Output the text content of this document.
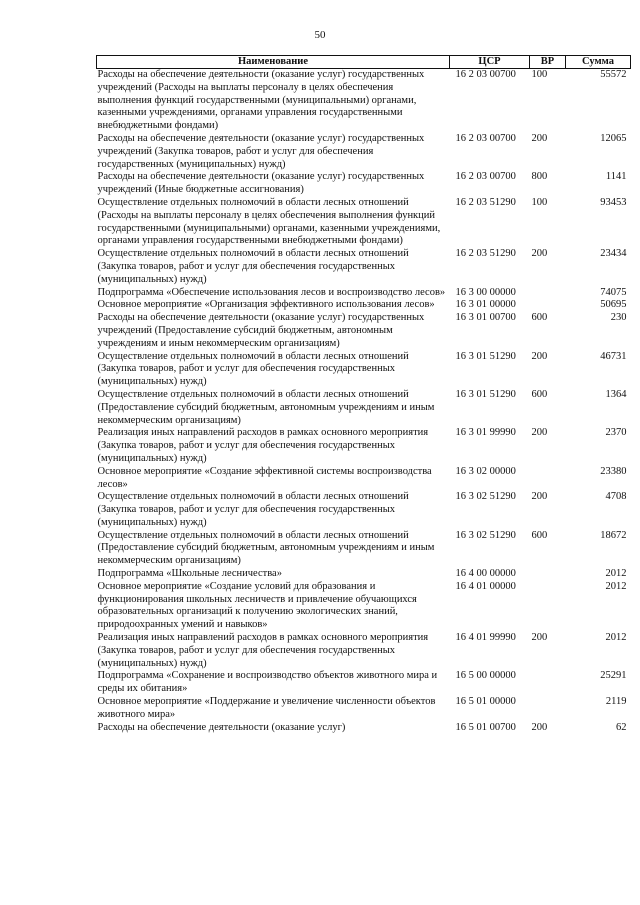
50
Наименование	ЦСР	ВР	Сумма
Расходы на обеспечение деятельности (оказание услуг) государственных учреждений (Расходы на выплаты персоналу в целях обеспечения выполнения функций государственными (муниципальными) органами, казенными учреждениями, органами управления государственными внебюджетными фондами)	16 2 03 00700	100	55572
Расходы на обеспечение деятельности (оказание услуг) государственных учреждений (Закупка товаров, работ и услуг для обеспечения государственных (муниципальных) нужд)	16 2 03 00700	200	12065
Расходы на обеспечение деятельности (оказание услуг) государственных учреждений (Иные бюджетные ассигнования)	16 2 03 00700	800	1141
Осуществление отдельных полномочий в области лесных отношений (Расходы на выплаты персоналу в целях обеспечения выполнения функций государственными (муниципальными) органами, казенными учреждениями, органами управления государственными внебюджетными фондами)	16 2 03 51290	100	93453
Осуществление отдельных полномочий в области лесных отношений (Закупка товаров, работ и услуг для обеспечения государственных (муниципальных) нужд)	16 2 03 51290	200	23434
Подпрограмма «Обеспечение использования лесов и воспроизводство лесов»	16 3 00 00000		74075
Основное мероприятие «Организация эффективного использования лесов»	16 3 01 00000		50695
Расходы на обеспечение деятельности (оказание услуг) государственных учреждений (Предоставление субсидий бюджетным, автономным учреждениям и иным некоммерческим организациям)	16 3 01 00700	600	230
Осуществление отдельных полномочий в области лесных отношений (Закупка товаров, работ и услуг для обеспечения государственных (муниципальных) нужд)	16 3 01 51290	200	46731
Осуществление отдельных полномочий в области лесных отношений (Предоставление субсидий бюджетным, автономным учреждениям и иным некоммерческим организациям)	16 3 01 51290	600	1364
Реализация иных направлений расходов в рамках основного мероприятия (Закупка товаров, работ и услуг для обеспечения государственных (муниципальных) нужд)	16 3 01 99990	200	2370
Основное мероприятие «Создание эффективной системы воспроизводства лесов»	16 3 02 00000		23380
Осуществление отдельных полномочий в области лесных отношений (Закупка товаров, работ и услуг для обеспечения государственных (муниципальных) нужд)	16 3 02 51290	200	4708
Осуществление отдельных полномочий в области лесных отношений (Предоставление субсидий бюджетным, автономным учреждениям и иным некоммерческим организациям)	16 3 02 51290	600	18672
Подпрограмма «Школьные лесничества»	16 4 00 00000		2012
Основное мероприятие «Создание условий для образования и функционирования школьных лесничеств и привлечение обучающихся образовательных организаций к получению экологических знаний, природоохранных умений и навыков»	16 4 01 00000		2012
Реализация иных направлений расходов в рамках основного мероприятия (Закупка товаров, работ и услуг для обеспечения государственных (муниципальных) нужд)	16 4 01 99990	200	2012
Подпрограмма «Сохранение и воспроизводство объектов животного мира и среды их обитания»	16 5 00 00000		25291
Основное мероприятие «Поддержание и увеличение численности объектов животного мира»	16 5 01 00000		2119
Расходы на обеспечение деятельности (оказание услуг)	16 5 01 00700	200	62
